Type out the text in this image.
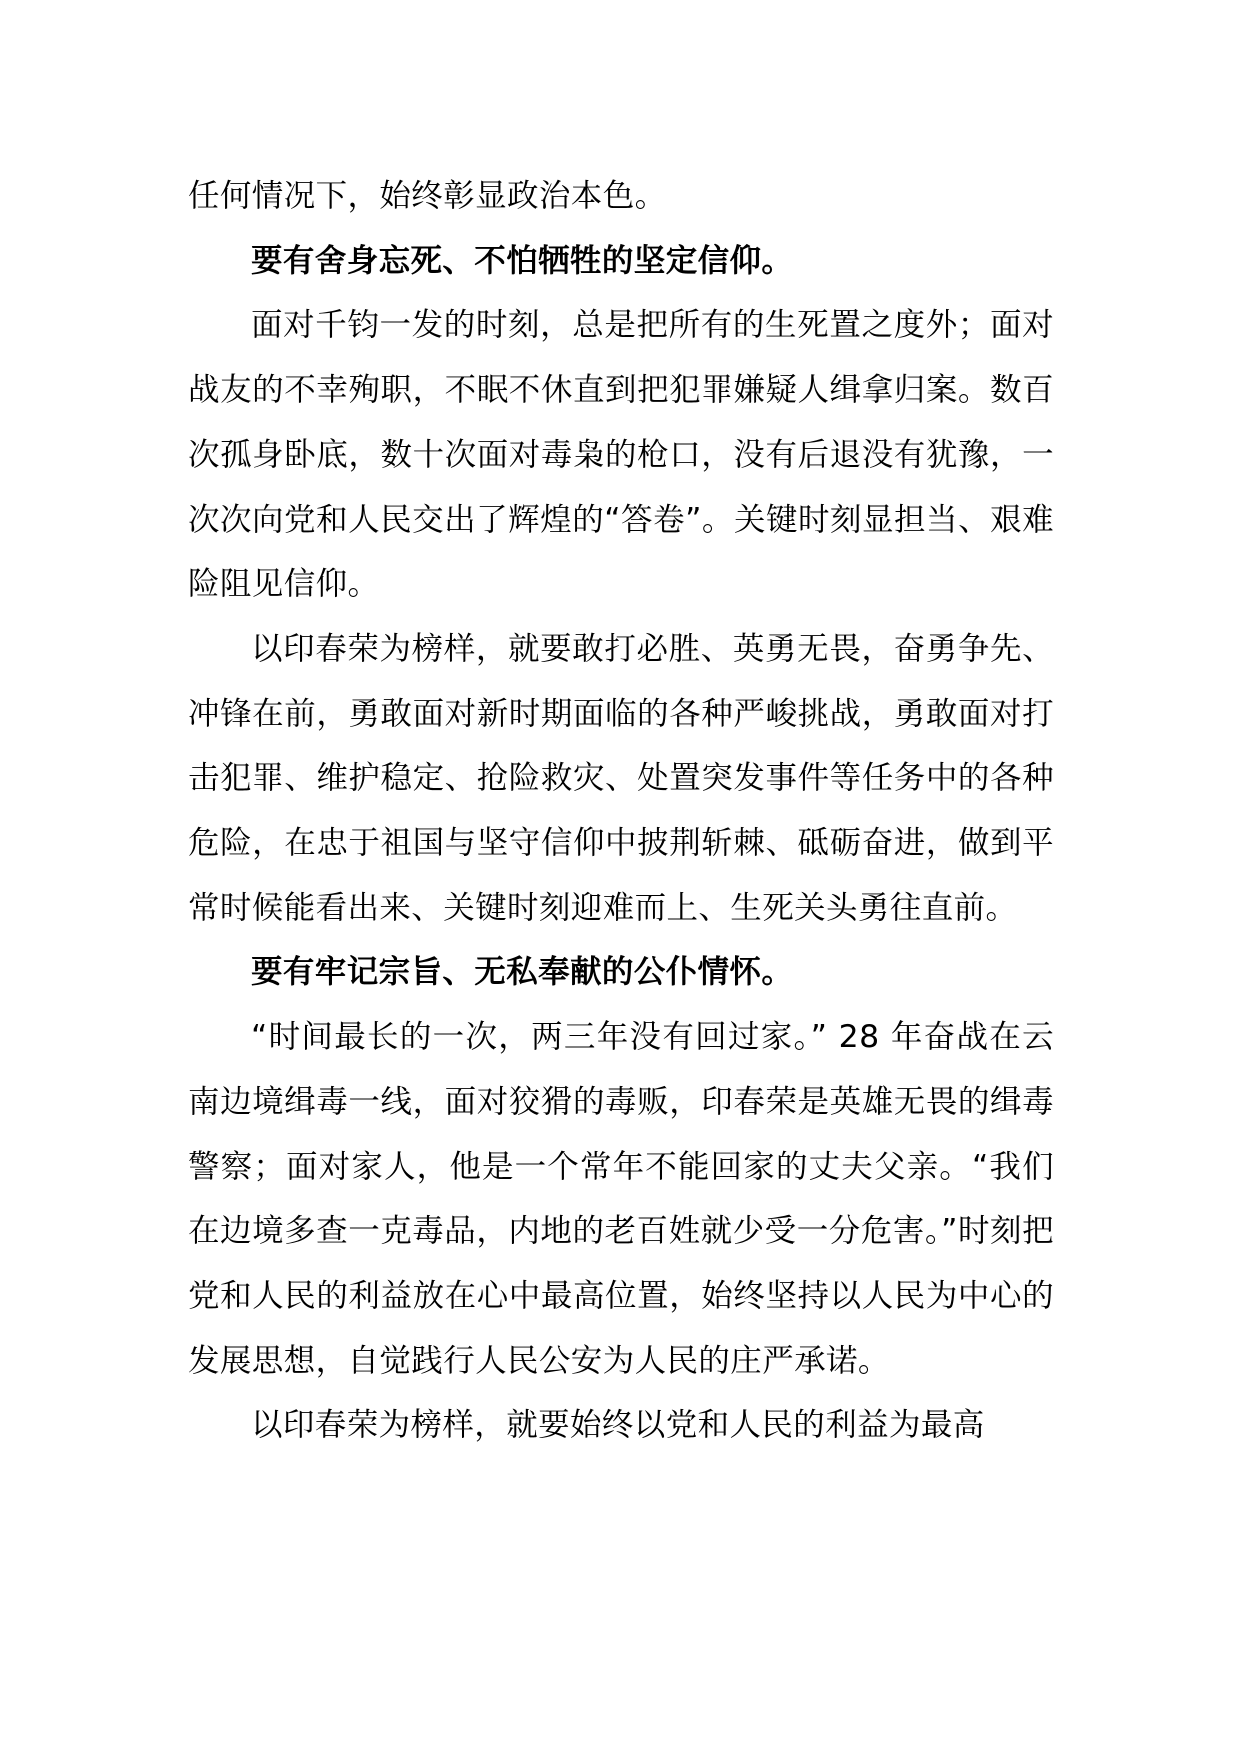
任何情况下，始终彰显政治本色。

要有舍身忘死、不怕牺牲的坚定信仰。

面对千钧一发的时刻，总是把所有的生死置之度外；面对战友的不幸殉职，不眠不休直到把犯罪嫌疑人缉拿归案。数百次孤身卧底，数十次面对毒枭的枪口，没有后退没有犹豫，一次次向党和人民交出了辉煌的“答卷”。关键时刻显担当、艰难险阻见信仰。

以印春荣为榜样，就要敢打必胜、英勇无畏，奋勇争先、冲锋在前，勇敢面对新时期面临的各种严峻挑战，勇敢面对打击犯罪、维护稳定、抢险救灾、处置突发事件等任务中的各种危险，在忠于祖国与坚守信仰中披荆斩棘、砥砺奋进，做到平常时候能看出来、关键时刻迎难而上、生死关头勇往直前。

要有牢记宗旨、无私奉献的公仆情怀。

“时间最长的一次，两三年没有回过家。” 28 年奋战在云南边境缉毒一线，面对狡猾的毒贩，印春荣是英雄无畏的缉毒警察；面对家人，他是一个常年不能回家的丈夫父亲。“我们在边境多查一克毒品，内地的老百姓就少受一分危害。”时刻把党和人民的利益放在心中最高位置，始终坚持以人民为中心的发展思想，自觉践行人民公安为人民的庄严承诺。

以印春荣为榜样，就要始终以党和人民的利益为最高
